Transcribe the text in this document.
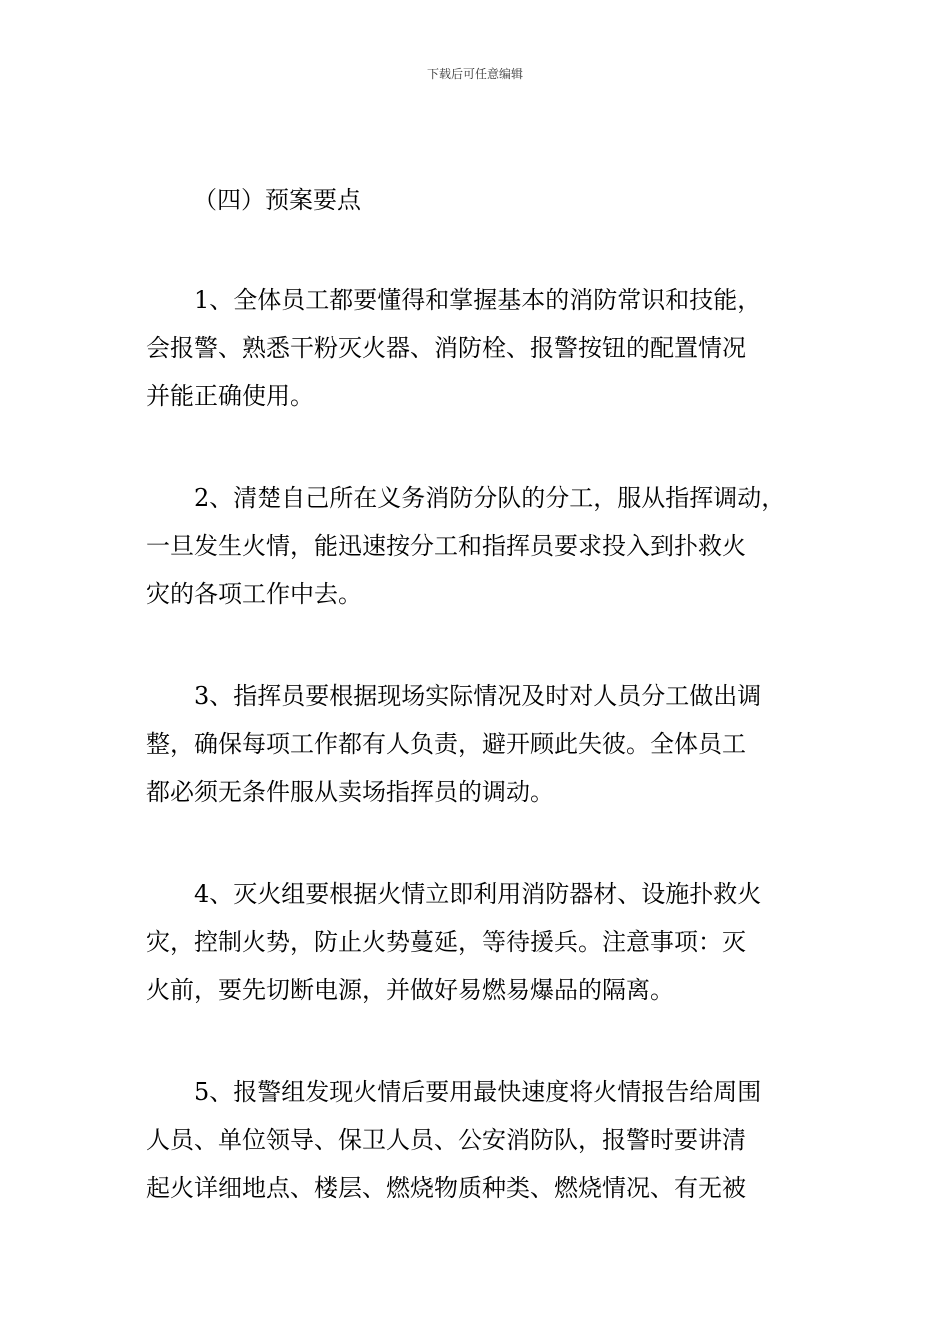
下载后可任意编辑
（四）预案要点
1、全体员工都要懂得和掌握基本的消防常识和技能，
会报警、熟悉干粉灭火器、消防栓、报警按钮的配置情况
并能正确使用。
2、清楚自己所在义务消防分队的分工，服从指挥调动，
一旦发生火情，能迅速按分工和指挥员要求投入到扑救火
灾的各项工作中去。
3、指挥员要根据现场实际情况及时对人员分工做出调
整，确保每项工作都有人负责，避开顾此失彼。全体员工
都必须无条件服从卖场指挥员的调动。
4、灭火组要根据火情立即利用消防器材、设施扑救火
灾，控制火势，防止火势蔓延，等待援兵。注意事项：灭
火前，要先切断电源，并做好易燃易爆品的隔离。
5、报警组发现火情后要用最快速度将火情报告给周围
人员、单位领导、保卫人员、公安消防队，报警时要讲清
起火详细地点、楼层、燃烧物质种类、燃烧情况、有无被
